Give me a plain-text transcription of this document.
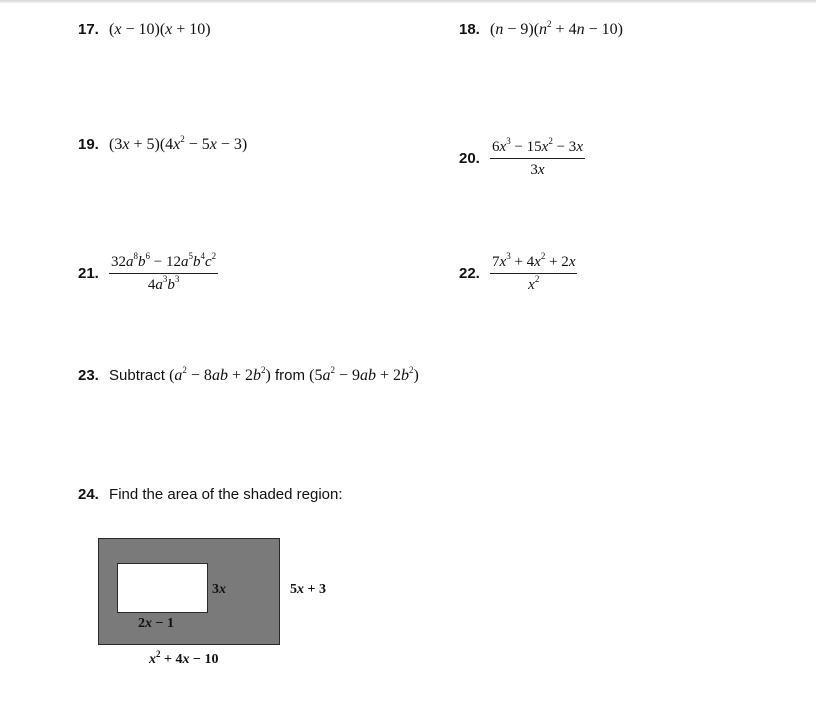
17. (x − 10)(x + 10)	18. $(n - 9)(n^2 + 4n - 10)$
19. $(3x + 5)(4x^2 - 5x - 3)$
20. $\frac{6x^3 - 15x^2 - 3x}{3x}$
21. $\frac{32a^8b^6 - 12a^5b^4c^2}{4a^3b^3}$	22. $\frac{7x^3 + 4x^2 + 2x}{x^2}$
23. Subtract $(a^2 - 8ab + 2b^2)$ from $(5a^2 - 9ab + 2b^2)$
24. Find the area of the shaded region:
3x
2x − 1
5x + 3
$x^2 + 4x - 10$
